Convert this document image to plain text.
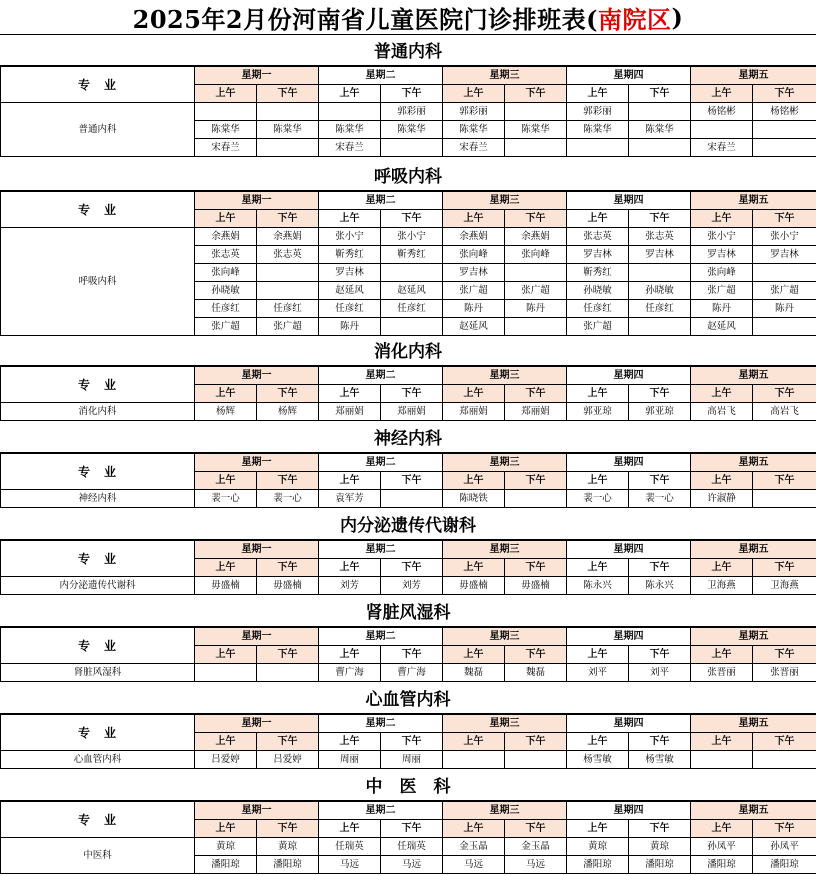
2025年2月份河南省儿童医院门诊排班表( 南院区 )
普通内科
专　业	星期一		星期二		星期三		星期四		星期五	
	上午	下午	上午	下午	上午	下午	上午	下午	上午	下午
普通内科				郭彩丽	郭彩丽		郭彩丽		杨铭彬	杨铭彬
	陈棠华	陈棠华	陈棠华	陈棠华	陈棠华	陈棠华	陈棠华	陈棠华		
	宋春兰		宋春兰		宋春兰				宋春兰	
呼吸内科
专　业	星期一		星期二		星期三		星期四		星期五	
	上午	下午	上午	下午	上午	下午	上午	下午	上午	下午
呼吸内科	余燕娟	余燕娟	张小宁	张小宁	余燕娟	余燕娟	张志英	张志英	张小宁	张小宁
	张志英	张志英	靳秀红	靳秀红	张向峰	张向峰	罗吉林	罗吉林	罗吉林	罗吉林
	张向峰		罗吉林		罗吉林		靳秀红		张向峰	
	孙晓敏		赵延风	赵延风	张广超	张广超	孙晓敏	孙晓敏	张广超	张广超
	任彦红	任彦红	任彦红	任彦红	陈丹	陈丹	任彦红	任彦红	陈丹	陈丹
	张广超	张广超	陈丹		赵延风		张广超		赵延风	
消化内科
专　业	星期一		星期二		星期三		星期四		星期五	
	上午	下午	上午	下午	上午	下午	上午	下午	上午	下午
消化内科	杨辉	杨辉	郑丽娟	郑丽娟	郑丽娟	郑丽娟	郭亚琼	郭亚琼	高岩飞	高岩飞
神经内科
专　业	星期一		星期二		星期三		星期四		星期五	
	上午	下午	上午	下午	上午	下午	上午	下午	上午	下午
神经内科	裴一心	裴一心	袁军芳		陈晓铁		裴一心	裴一心	许淑静	
内分泌遗传代谢科
专　业	星期一		星期二		星期三		星期四		星期五	
	上午	下午	上午	下午	上午	下午	上午	下午	上午	下午
内分泌遗传代谢科	毋盛楠	毋盛楠	刘芳	刘芳	毋盛楠	毋盛楠	陈永兴	陈永兴	卫海燕	卫海燕
肾脏风湿科
专　业	星期一		星期二		星期三		星期四		星期五	
	上午	下午	上午	下午	上午	下午	上午	下午	上午	下午
肾脏风湿科			曹广海	曹广海	魏磊	魏磊	刘平	刘平	张晋丽	张晋丽
心血管内科
专　业	星期一		星期二		星期三		星期四		星期五	
	上午	下午	上午	下午	上午	下午	上午	下午	上午	下午
心血管内科	吕爱婷	吕爱婷	周丽	周丽			杨雪敏	杨雪敏		
中　医　科
专　业	星期一		星期二		星期三		星期四		星期五	
	上午	下午	上午	下午	上午	下午	上午	下午	上午	下午
中医科	黄琼	黄琼	任瑞英	任瑞英	金玉晶	金玉晶	黄琼	黄琼	孙凤平	孙凤平
	潘阳琼	潘阳琼	马远	马远	马远	马远	潘阳琼	潘阳琼	潘阳琼	潘阳琼
